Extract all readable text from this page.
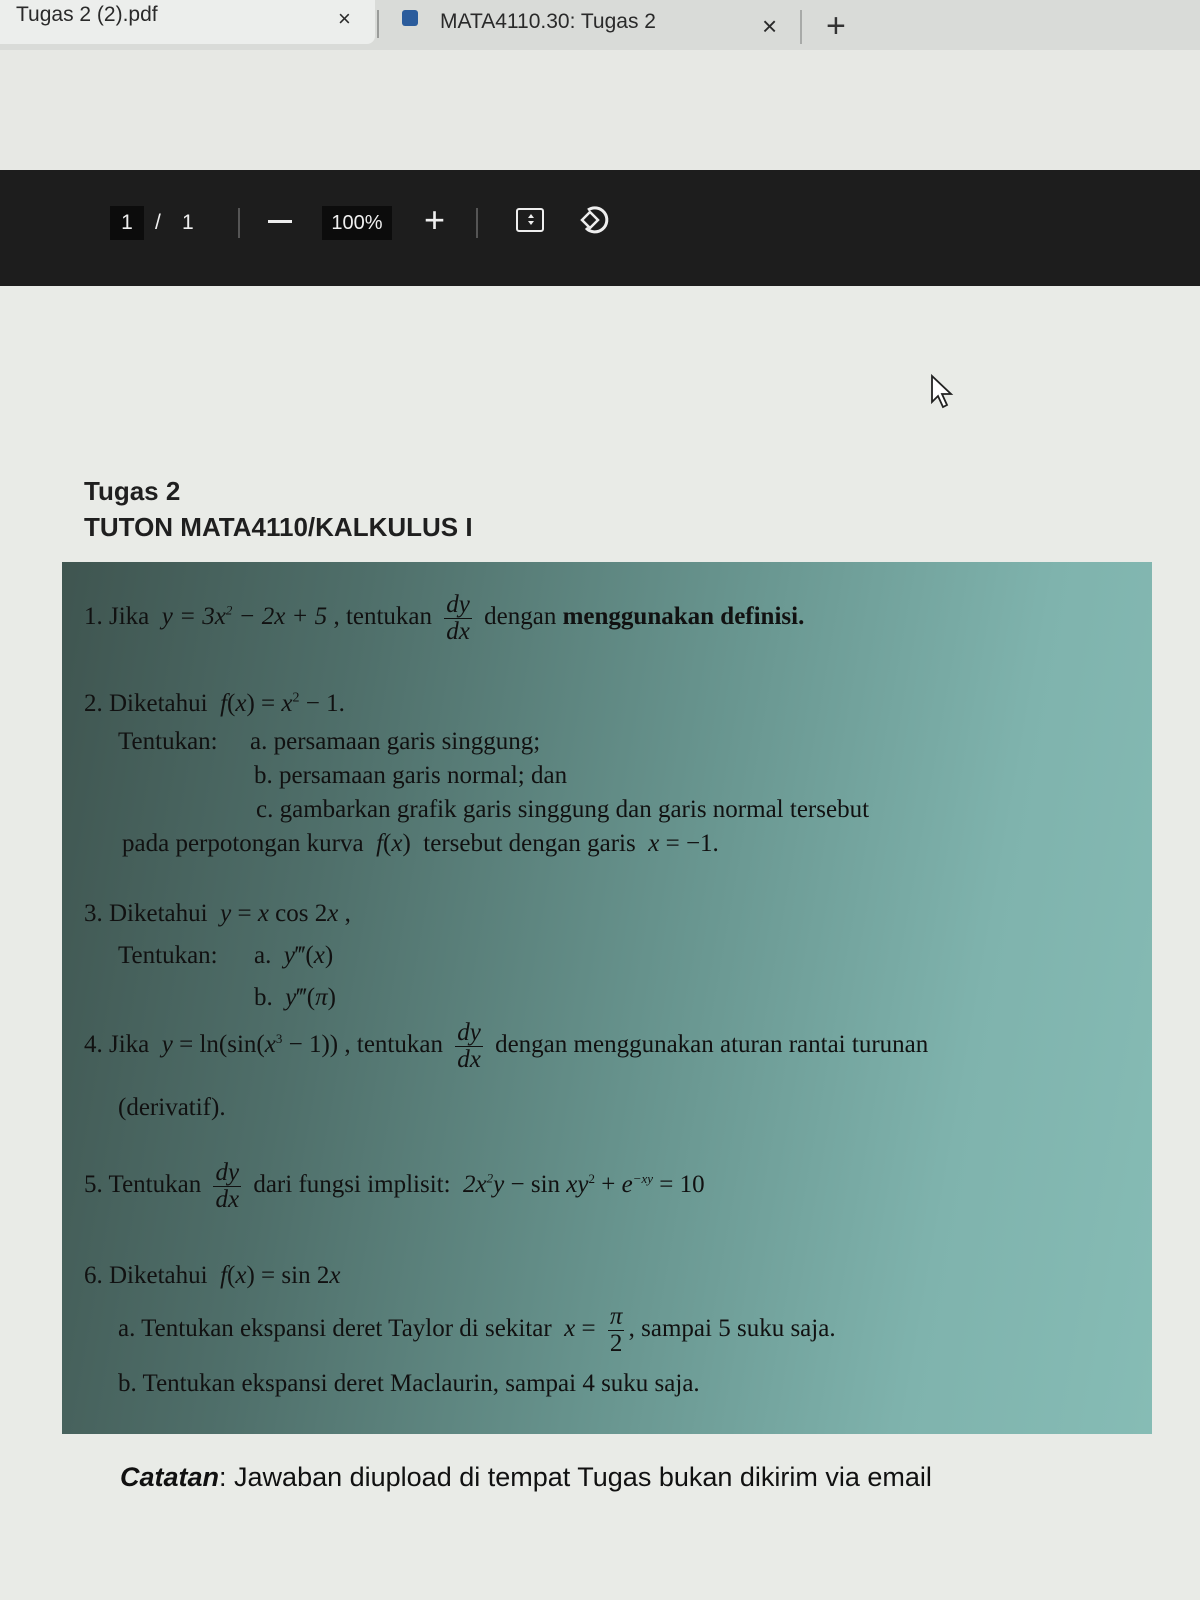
Tugas 2 (2).pdf	×	MATA4110.30: Tugas 2	× +
1	/ 1	100% +
Tugas 2
TUTON MATA4110/KALKULUS I
1. Jika  $y = 3x^2 - 2x + 5$ , tentukan $\frac{dy}{dx}$ dengan menggunakan definisi.
2. Diketahui  $f(x) = x^2 - 1$.
Tentukan: a. persamaan garis singgung;
b. persamaan garis normal; dan
c. gambarkan grafik garis singgung dan garis normal tersebut
pada perpotongan kurva  f(x)  tersebut dengan garis  x = −1.
3. Diketahui  y = x cos 2x ,
Tentukan: a.  y‴(x)
b.  y‴(π)
4. Jika  $y = \ln(\sin(x^3 - 1))$ , tentukan $\frac{dy}{dx}$ dengan menggunakan aturan rantai turunan
(derivatif).
5. Tentukan $\frac{dy}{dx}$ dari fungsi implisit:  $2x^2y - \sin xy^2 + e^{-xy} = 10$
6. Diketahui  f(x) = sin 2x
a. Tentukan ekspansi deret Taylor di sekitar  $x = \frac{\pi}{2}$ , sampai 5 suku saja.
b. Tentukan ekspansi deret Maclaurin, sampai 4 suku saja.
Catatan: Jawaban diupload di tempat Tugas bukan dikirim via email
